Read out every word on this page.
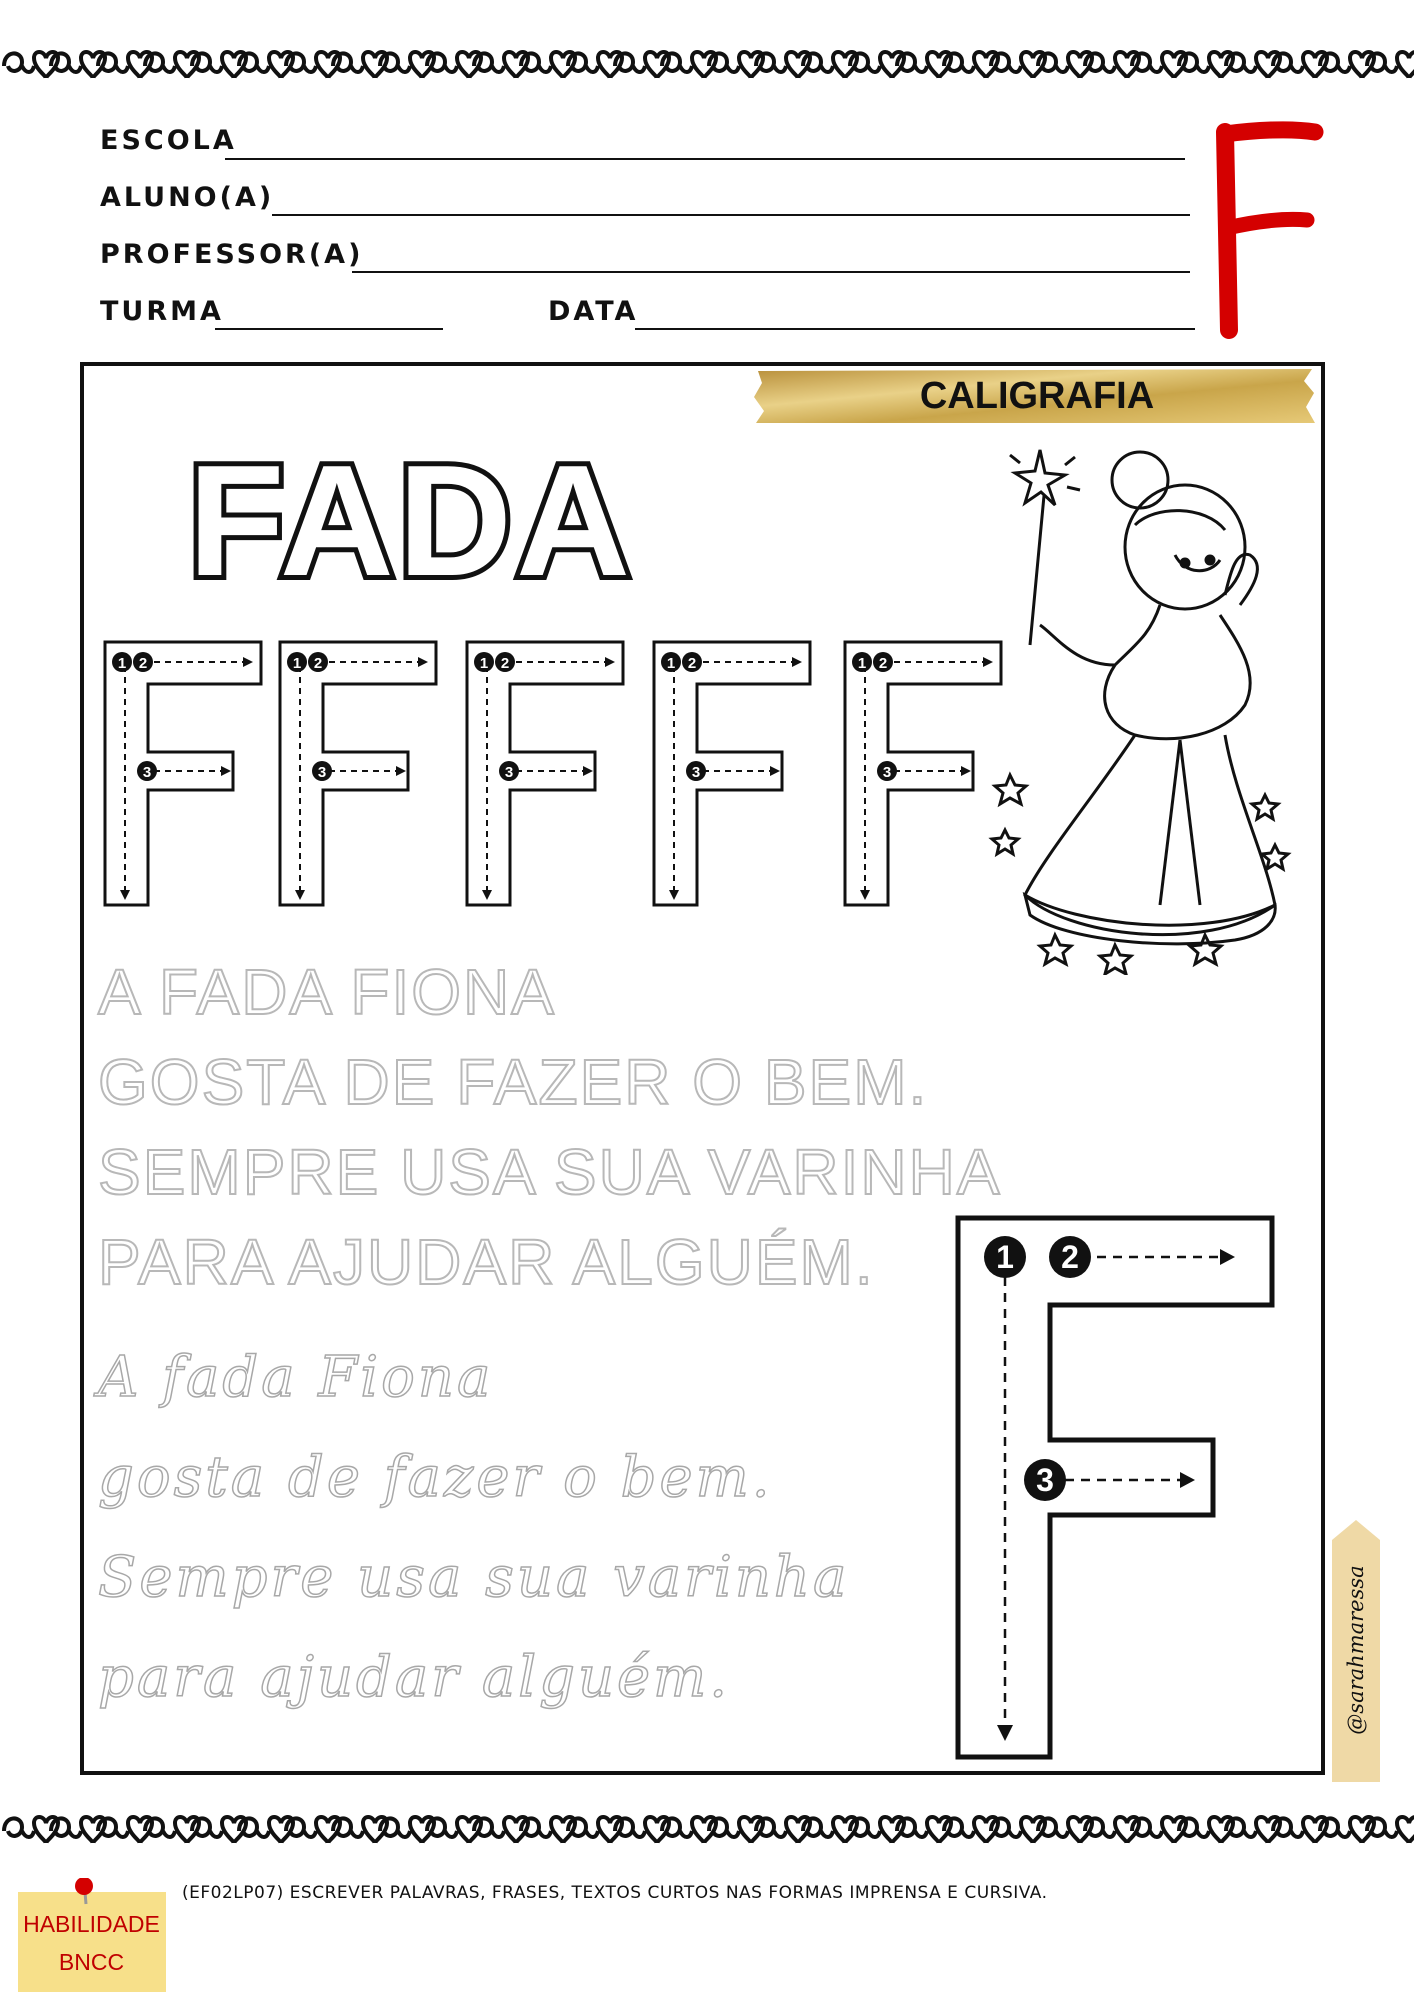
ESCOLA
ALUNO(A)
PROFESSOR(A)
TURMA	DATA
CALIGRAFIA
FADA
1 2
3
1 2
3
1 2
3
1 2
3
1 2
3
A FADA FIONA
GOSTA DE FAZER O BEM.
SEMPRE USA SUA VARINHA
PARA AJUDAR ALGUÉM.
A fada Fiona
gosta de fazer o bem.
Sempre usa sua varinha
para ajudar alguém.
1 2
3
@sarahmaressa
HABILIDADE
BNCC
(EF02LP07) ESCREVER PALAVRAS, FRASES, TEXTOS CURTOS NAS FORMAS IMPRENSA E CURSIVA.
